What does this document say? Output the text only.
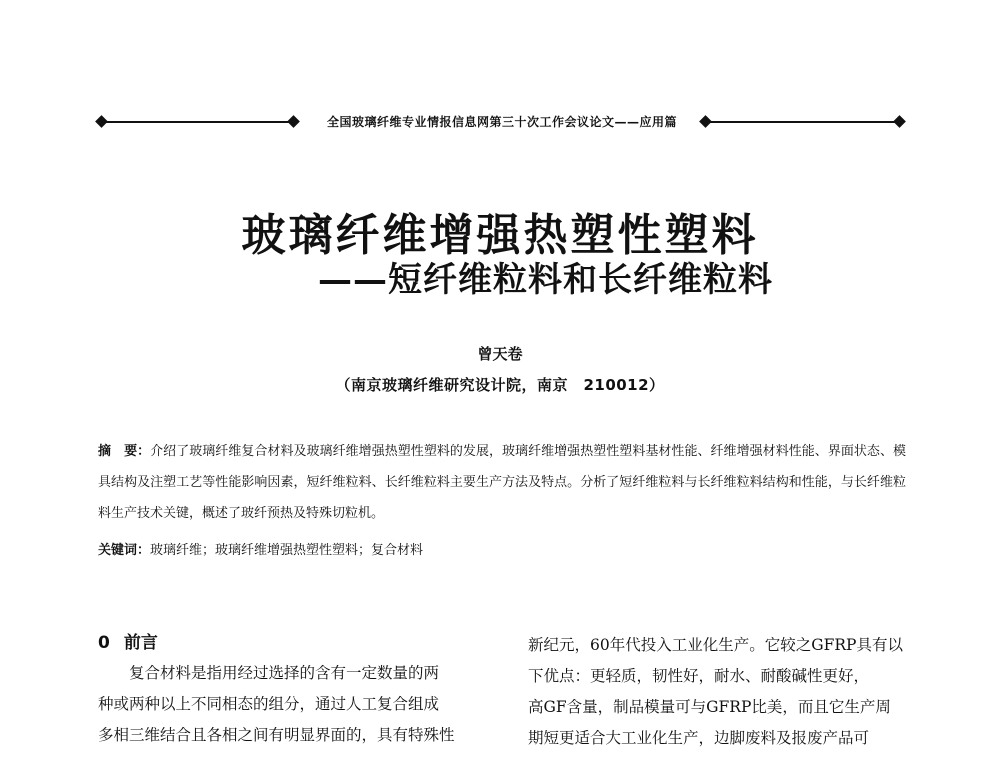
全国玻璃纤维专业情报信息网第三十次工作会议论文——应用篇
玻璃纤维增强热塑性塑料
——短纤维粒料和长纤维粒料
曾天卷
（南京玻璃纤维研究设计院，南京　210012）

摘　要：介绍了玻璃纤维复合材料及玻璃纤维增强热塑性塑料的发展，玻璃纤维增强热塑性塑料基材性能、纤维增强材料性能、界面状态、模具结构及注塑工艺等性能影响因素，短纤维粒料、长纤维粒料主要生产方法及特点。分析了短纤维粒料与长纤维粒料结构和性能，与长纤维粒料生产技术关键，概述了玻纤预热及特殊切粒机。

关键词：玻璃纤维；玻璃纤维增强热塑性塑料；复合材料
0 前言

复合材料是指用经过选择的含有一定数量的两

种或两种以上不同相态的组分，通过人工复合组成

多相三维结合且各相之间有明显界面的，具有特殊性

新纪元，60年代投入工业化生产。它较之GFRP具有以

下优点：更轻质，韧性好，耐水、耐酸碱性更好，

高GF含量，制品模量可与GFRP比美，而且它生产周

期短更适合大工业化生产，边脚废料及报废产品可
